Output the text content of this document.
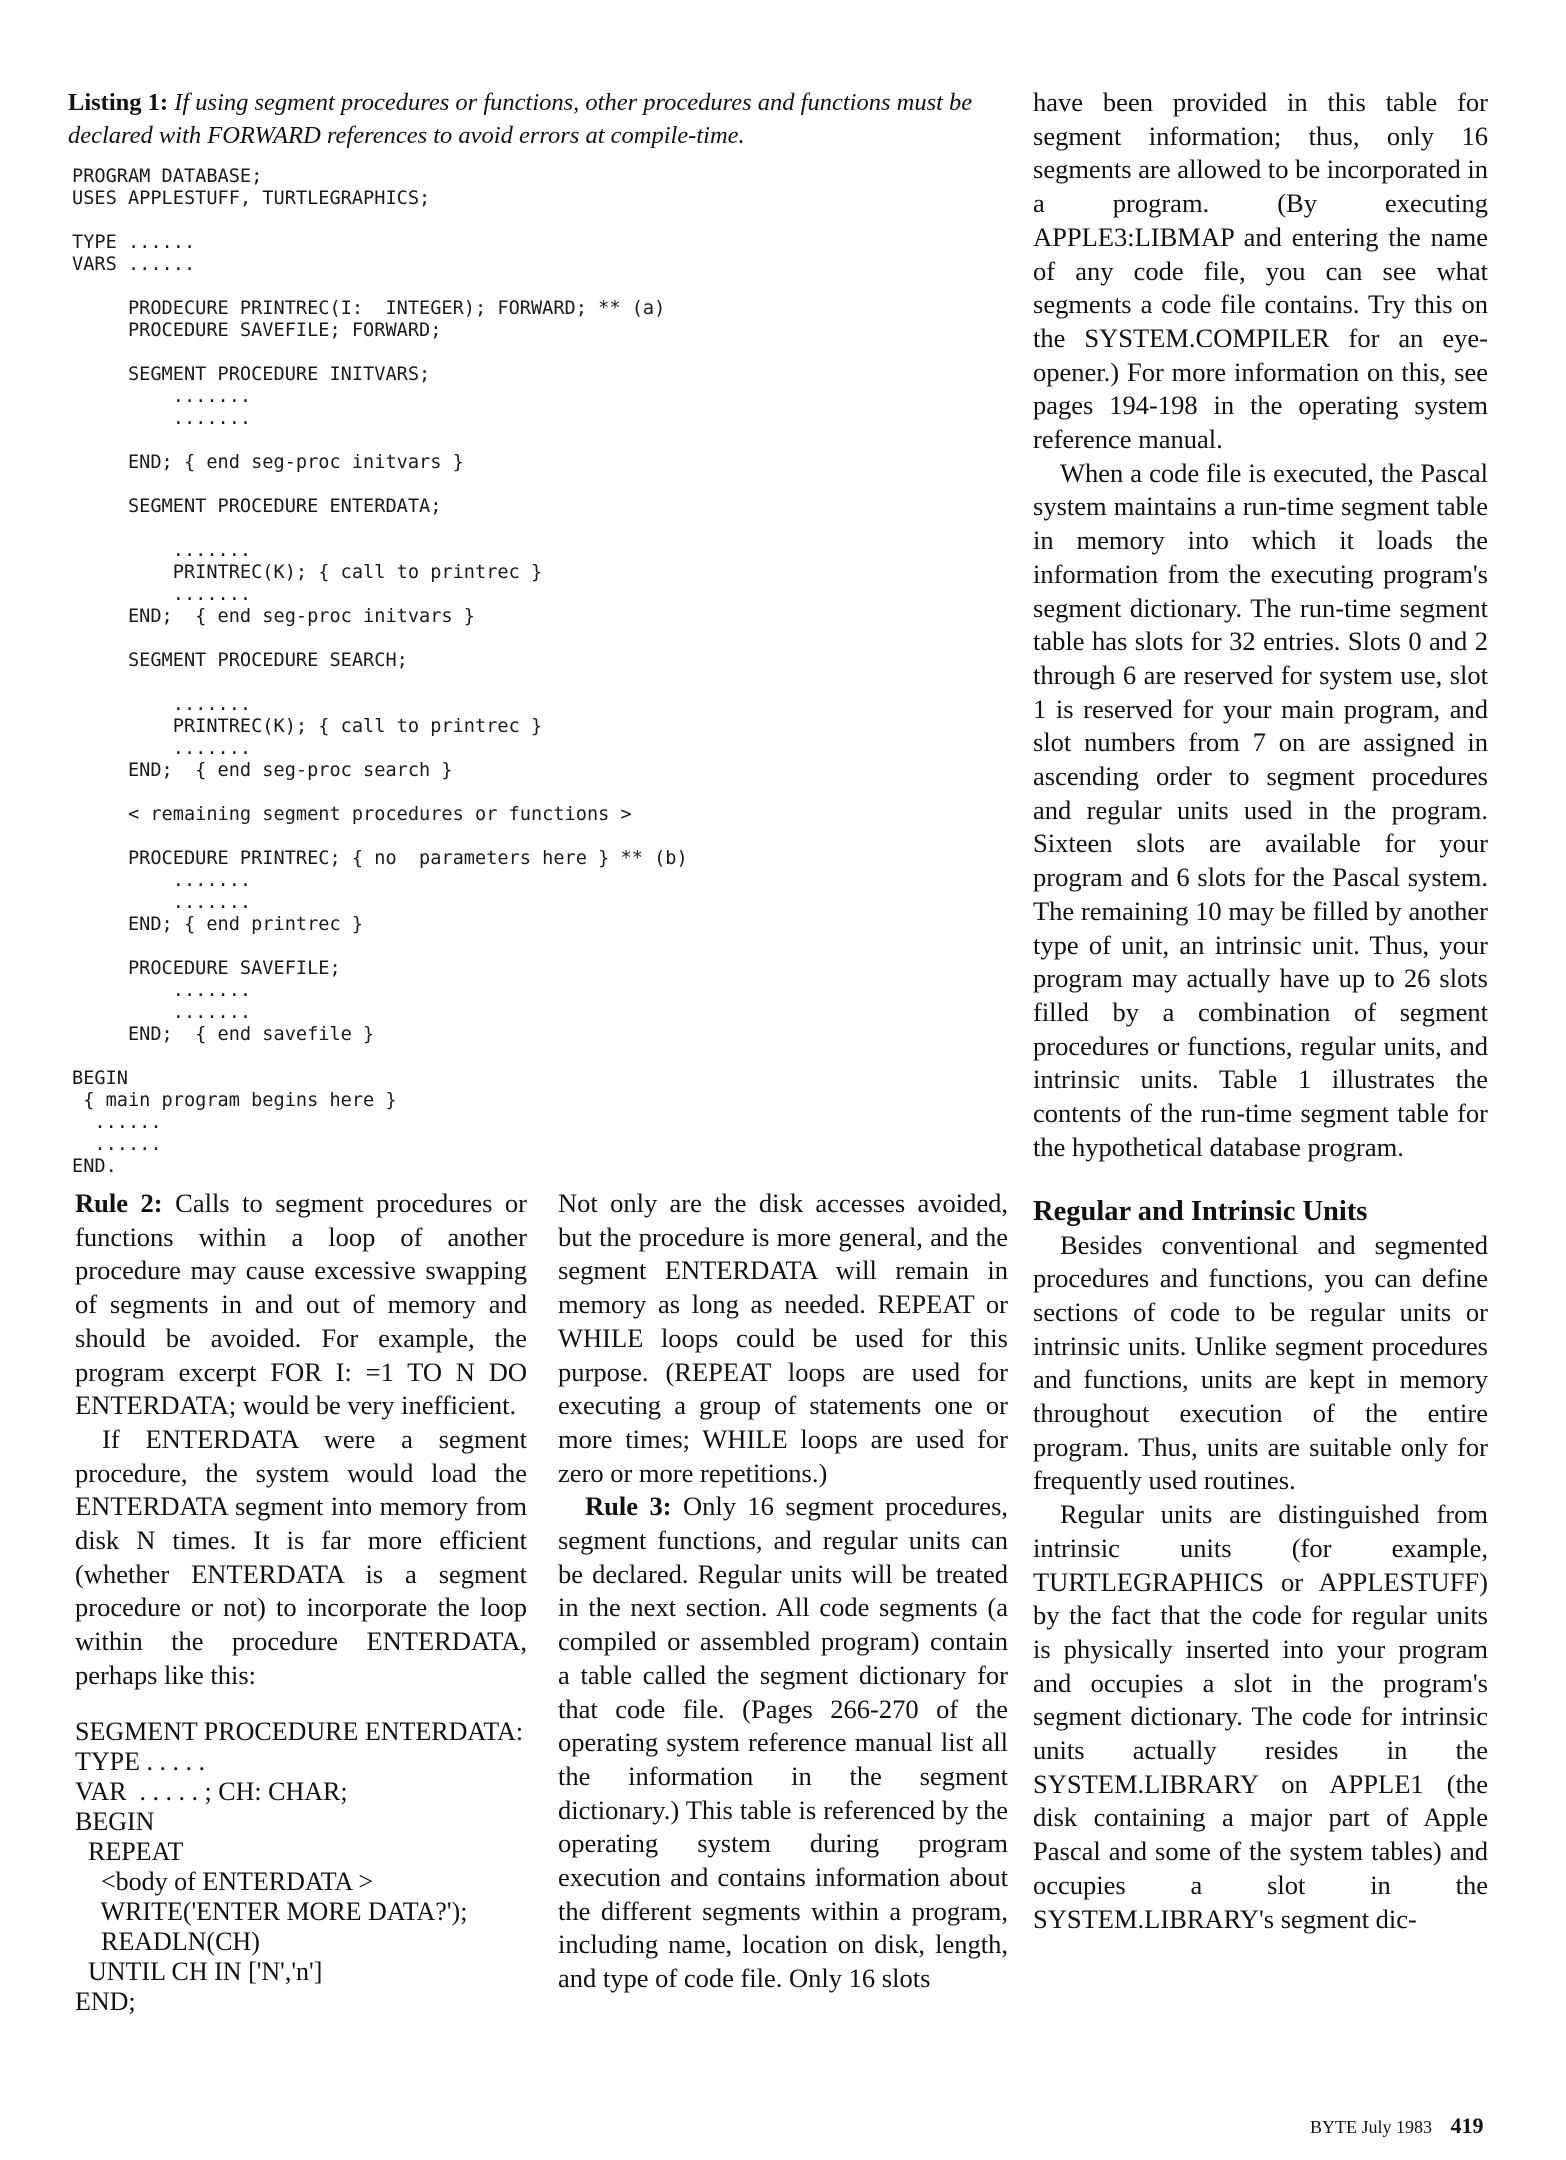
Listing 1: If using segment procedures or functions, other procedures and functions must be declared with FORWARD references to avoid errors at compile-time.
PROGRAM DATABASE;
USES APPLESTUFF, TURTLEGRAPHICS;
TYPE ......
VARS ......
PRODECURE PRINTREC(I:  INTEGER); FORWARD; ** (a)
PROCEDURE SAVEFILE; FORWARD;
SEGMENT PROCEDURE INITVARS;
.......
.......
END; { end seg-proc initvars }
SEGMENT PROCEDURE ENTERDATA;
.......
PRINTREC(K); { call to printrec }
.......
END;  { end seg-proc initvars }
SEGMENT PROCEDURE SEARCH;
.......
PRINTREC(K); { call to printrec }
.......
END;  { end seg-proc search }
< remaining segment procedures or functions >
PROCEDURE PRINTREC; { no  parameters here } ** (b)
.......
.......
END; { end printrec }
PROCEDURE SAVEFILE;
.......
.......
END;  { end savefile }
BEGIN
{ main program begins here }
......
......
END.

Rule 2: Calls to segment procedures or functions within a loop of another procedure may cause excessive swapping of segments in and out of memory and should be avoided. For example, the program excerpt FOR I: =1 TO N DO ENTERDATA; would be very inefficient.

If ENTERDATA were a segment procedure, the system would load the ENTERDATA segment into memory from disk N times. It is far more efficient (whether ENTERDATA is a segment procedure or not) to incorporate the loop within the procedure ENTERDATA, perhaps like this:

SEGMENT PROCEDURE ENTERDATA:
TYPE . . . . .
VAR  . . . . . ; CH: CHAR;
BEGIN
REPEAT
<body of ENTERDATA >
WRITE('ENTER MORE DATA?');
READLN(CH)
UNTIL CH IN ['N','n']
END;

Not only are the disk accesses avoided, but the procedure is more general, and the segment ENTERDATA will remain in memory as long as needed. REPEAT or WHILE loops could be used for this purpose. (REPEAT loops are used for executing a group of statements one or more times; WHILE loops are used for zero or more repetitions.)

Rule 3: Only 16 segment procedures, segment functions, and regular units can be declared. Regular units will be treated in the next section. All code segments (a compiled or assembled program) contain a table called the segment dictionary for that code file. (Pages 266-270 of the operating system reference manual list all the information in the segment dictionary.) This table is referenced by the operating system during program execution and contains information about the different segments within a program, including name, location on disk, length, and type of code file. Only 16 slots

have been provided in this table for segment information; thus, only 16 segments are allowed to be incorporated in a program. (By executing APPLE3:LIBMAP and entering the name of any code file, you can see what segments a code file contains. Try this on the SYSTEM.COMPILER for an eye-opener.) For more information on this, see pages 194-198 in the operating system reference manual.

When a code file is executed, the Pascal system maintains a run-time segment table in memory into which it loads the information from the executing program's segment dictionary. The run-time segment table has slots for 32 entries. Slots 0 and 2 through 6 are reserved for system use, slot 1 is reserved for your main program, and slot numbers from 7 on are assigned in ascending order to segment procedures and regular units used in the program. Sixteen slots are available for your program and 6 slots for the Pascal system. The remaining 10 may be filled by another type of unit, an intrinsic unit. Thus, your program may actually have up to 26 slots filled by a combination of segment procedures or functions, regular units, and intrinsic units. Table 1 illustrates the contents of the run-time segment table for the hypothetical database program.

Regular and Intrinsic Units

Besides conventional and segmented procedures and functions, you can define sections of code to be regular units or intrinsic units. Unlike segment procedures and functions, units are kept in memory throughout execution of the entire program. Thus, units are suitable only for frequently used routines.

Regular units are distinguished from intrinsic units (for example, TURTLEGRAPHICS or APPLESTUFF) by the fact that the code for regular units is physically inserted into your program and occupies a slot in the program's segment dictionary. The code for intrinsic units actually resides in the SYSTEM.LIBRARY on APPLE1 (the disk containing a major part of Apple Pascal and some of the system tables) and occupies a slot in the SYSTEM.LIBRARY's segment dic-

BYTE July 1983 419
